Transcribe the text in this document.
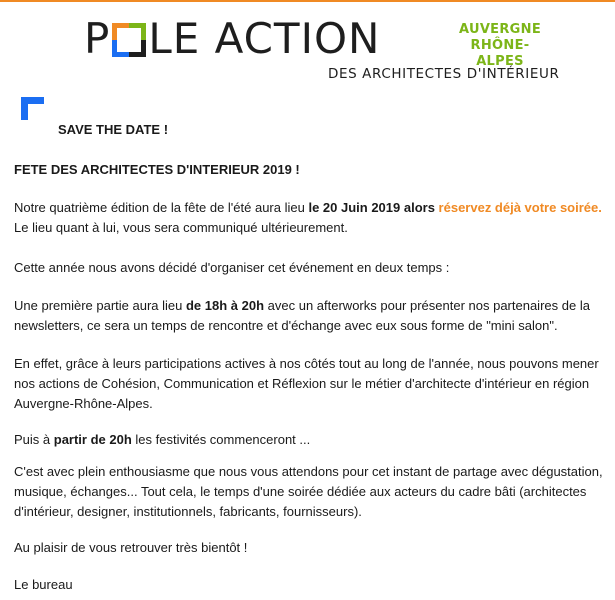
P LE ACTION	AUVERGNE
RHÔNE-ALPES
DES ARCHITECTES D'INTÉRIEUR

SAVE THE DATE !

FETE DES ARCHITECTES D'INTERIEUR 2019 !

Notre quatrième édition de la fête de l'été aura lieu le 20 Juin 2019 alors réservez déjà votre soirée.
Le lieu quant à lui, vous sera communiqué ultérieurement.

Cette année nous avons décidé d'organiser cet événement en deux temps :

Une première partie aura lieu de 18h à 20h avec un afterworks pour présenter nos partenaires de la newsletters, ce sera un temps de rencontre et d'échange avec eux sous forme de "mini salon".

En effet, grâce à leurs participations actives à nos côtés tout au long de l'année, nous pouvons mener nos actions de Cohésion, Communication et Réflexion sur le métier d'architecte d'intérieur en région Auvergne-Rhône-Alpes.

Puis à partir de 20h les festivités commenceront ...

C'est avec plein enthousiasme que nous vous attendons pour cet instant de partage avec dégustation, musique, échanges... Tout cela, le temps d'une soirée dédiée aux acteurs du cadre bâti (architectes d'intérieur, designer, institutionnels, fabricants, fournisseurs).

Au plaisir de vous retrouver très bientôt !

Le bureau
